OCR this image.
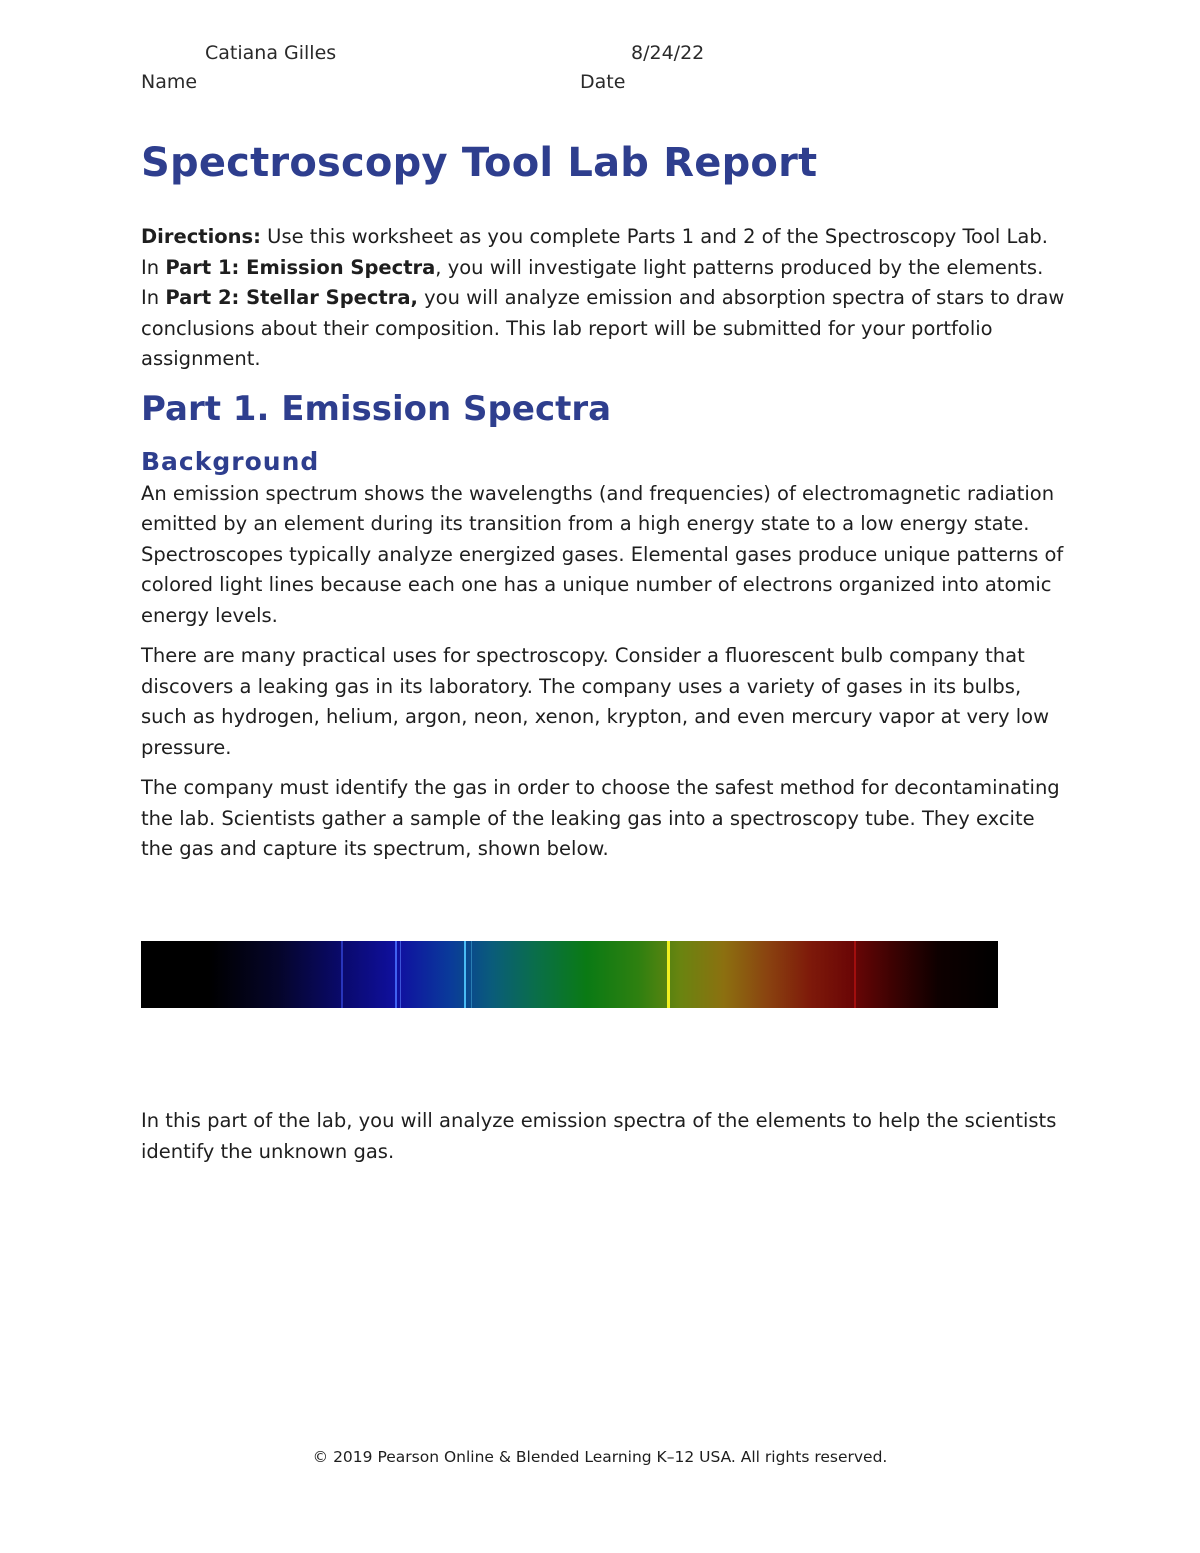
Catiana Gilles
Name
8/24/22
Date
Spectroscopy Tool Lab Report

Directions: Use this worksheet as you complete Parts 1 and 2 of the Spectroscopy Tool Lab. In Part 1: Emission Spectra, you will investigate light patterns produced by the elements. In Part 2: Stellar Spectra, you will analyze emission and absorption spectra of stars to draw conclusions about their composition. This lab report will be submitted for your portfolio assignment.

Part 1. Emission Spectra
Background

An emission spectrum shows the wavelengths (and frequencies) of electromagnetic radiation emitted by an element during its transition from a high energy state to a low energy state. Spectroscopes typically analyze energized gases. Elemental gases produce unique patterns of colored light lines because each one has a unique number of electrons organized into atomic energy levels.

There are many practical uses for spectroscopy. Consider a fluorescent bulb company that discovers a leaking gas in its laboratory. The company uses a variety of gases in its bulbs, such as hydrogen, helium, argon, neon, xenon, krypton, and even mercury vapor at very low pressure.

The company must identify the gas in order to choose the safest method for decontaminating the lab. Scientists gather a sample of the leaking gas into a spectroscopy tube. They excite the gas and capture its spectrum, shown below.

In this part of the lab, you will analyze emission spectra of the elements to help the scientists identify the unknown gas.

© 2019 Pearson Online & Blended Learning K–12 USA. All rights reserved.
